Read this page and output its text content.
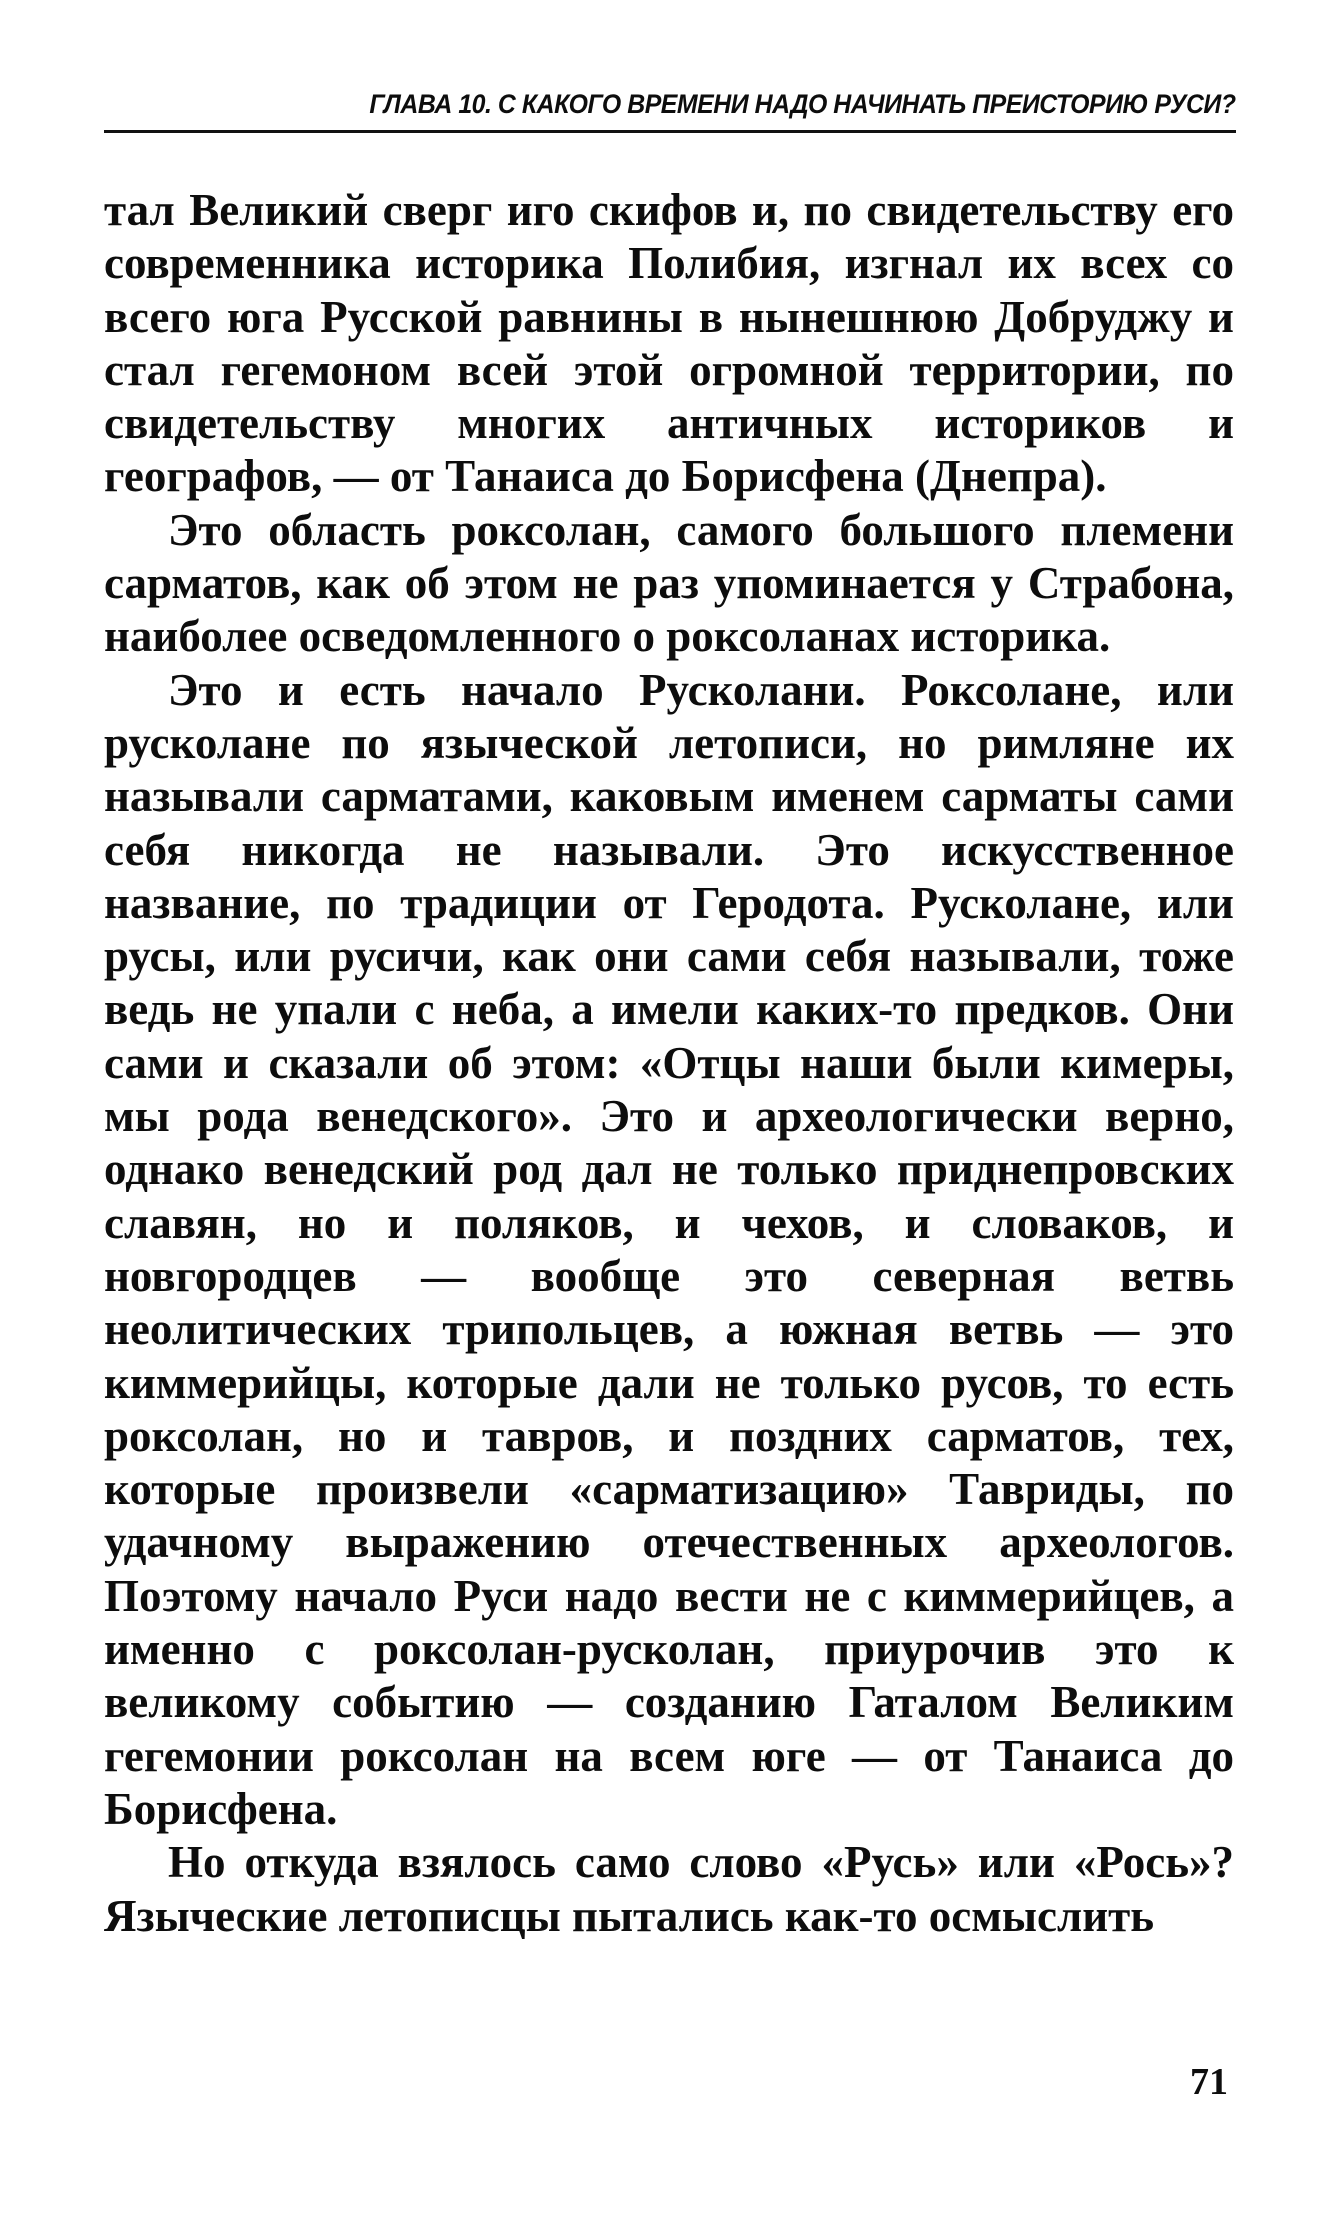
ГЛАВА 10. С КАКОГО ВРЕМЕНИ НАДО НАЧИНАТЬ ПРЕИСТОРИЮ РУСИ?

тал Великий сверг иго скифов и, по свидетельству его современника историка Полибия, изгнал их всех со всего юга Русской равнины в нынешнюю Добруджу и стал гегемоном всей этой огромной территории, по свидетельству многих античных историков и географов, — от Танаиса до Борисфена (Днепра).

Это область роксолан, самого большого племени сарматов, как об этом не раз упоминается у Страбона, наиболее осведомленного о роксоланах историка.

Это и есть начало Русколани. Роксолане, или русколане по языческой летописи, но римляне их называли сарматами, каковым именем сарматы сами себя никогда не называли. Это искусственное название, по традиции от Геродота. Русколане, или русы, или русичи, как они сами себя называли, тоже ведь не упали с неба, а имели каких-то предков. Они сами и сказали об этом: «Отцы наши были кимеры, мы рода венедского». Это и археологически верно, однако венедский род дал не только приднепровских славян, но и поляков, и чехов, и словаков, и новгородцев — вообще это северная ветвь неолитических трипольцев, а южная ветвь — это киммерийцы, которые дали не только русов, то есть роксолан, но и тавров, и поздних сарматов, тех, которые произвели «сарматизацию» Тавриды, по удачному выражению отечественных археологов. Поэтому начало Руси надо вести не с киммерийцев, а именно с роксолан-русколан, приурочив это к великому событию — созданию Гаталом Великим гегемонии роксолан на всем юге — от Танаиса до Борисфена.

Но откуда взялось само слово «Русь» или «Рось»? Языческие летописцы пытались как-то осмыслить

71
